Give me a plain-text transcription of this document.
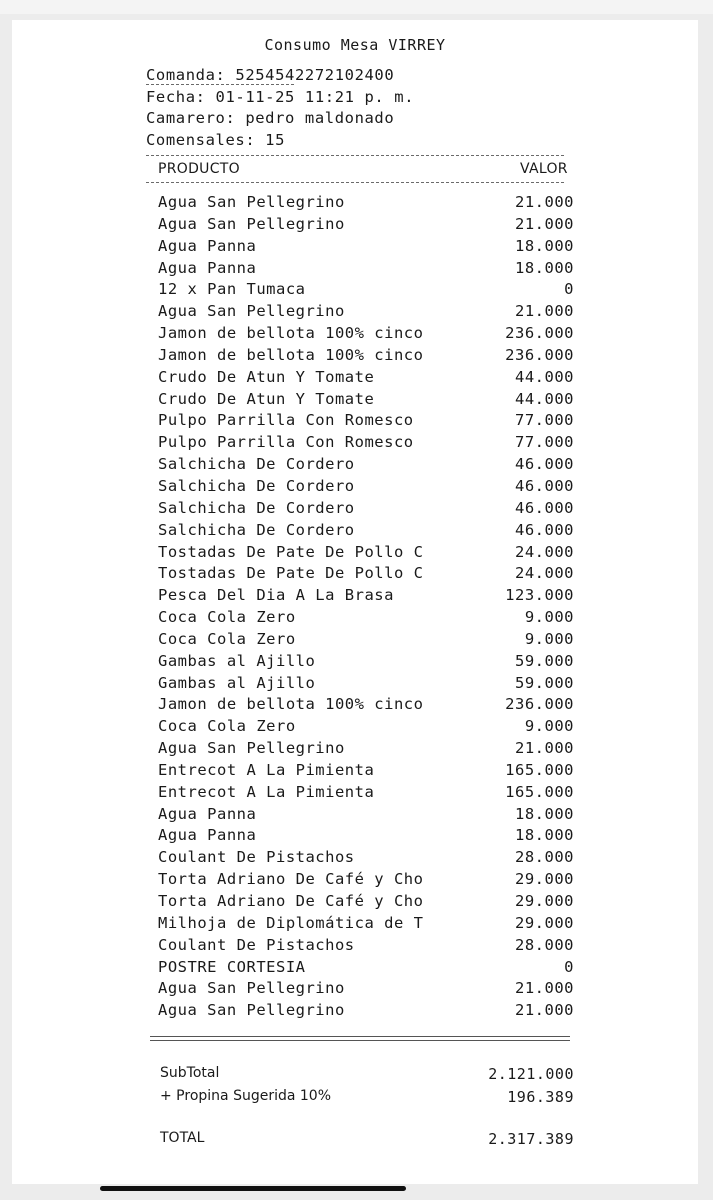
Consumo Mesa VIRREY
Comanda: 5254542272102400
Fecha: 01-11-25 11:21 p. m.
Camarero: pedro maldonado
Comensales: 15
PRODUCTO	VALOR
Agua San Pellegrino	21.000
Agua San Pellegrino	21.000
Agua Panna	18.000
Agua Panna	18.000
12 x Pan Tumaca	0
Agua San Pellegrino	21.000
Jamon de bellota 100% cinco	236.000
Jamon de bellota 100% cinco	236.000
Crudo De Atun Y Tomate	44.000
Crudo De Atun Y Tomate	44.000
Pulpo Parrilla Con Romesco	77.000
Pulpo Parrilla Con Romesco	77.000
Salchicha De Cordero	46.000
Salchicha De Cordero	46.000
Salchicha De Cordero	46.000
Salchicha De Cordero	46.000
Tostadas De Pate De Pollo C	24.000
Tostadas De Pate De Pollo C	24.000
Pesca Del Dia A La Brasa	123.000
Coca Cola Zero	9.000
Coca Cola Zero	9.000
Gambas al Ajillo	59.000
Gambas al Ajillo	59.000
Jamon de bellota 100% cinco	236.000
Coca Cola Zero	9.000
Agua San Pellegrino	21.000
Entrecot A La Pimienta	165.000
Entrecot A La Pimienta	165.000
Agua Panna	18.000
Agua Panna	18.000
Coulant De Pistachos	28.000
Torta Adriano De Café y Cho	29.000
Torta Adriano De Café y Cho	29.000
Milhoja de Diplomática de T	29.000
Coulant De Pistachos	28.000
POSTRE CORTESIA	0
Agua San Pellegrino	21.000
Agua San Pellegrino	21.000
SubTotal	2.121.000
+ Propina Sugerida 10%	196.389
TOTAL	2.317.389
